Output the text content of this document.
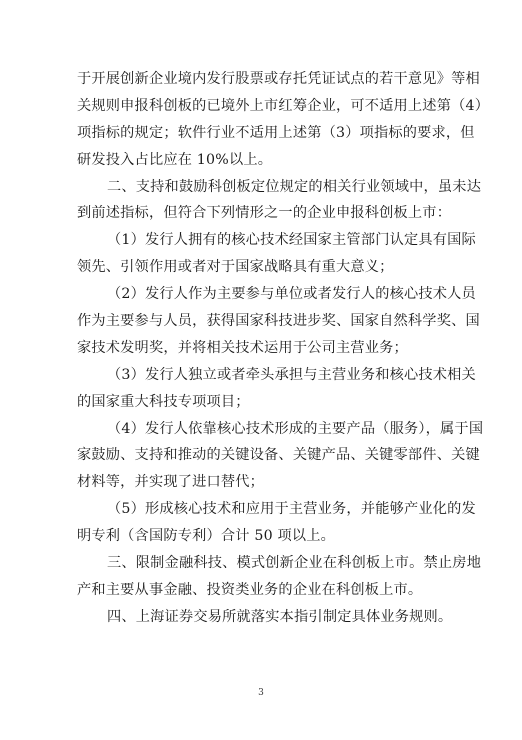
于开展创新企业境内发行股票或存托凭证试点的若干意见》等相
关规则申报科创板的已境外上市红筹企业，可不适用上述第（4）
项指标的规定；软件行业不适用上述第（3）项指标的要求，但
研发投入占比应在 10%以上。
二、支持和鼓励科创板定位规定的相关行业领域中，虽未达
到前述指标，但符合下列情形之一的企业申报科创板上市：
（1）发行人拥有的核心技术经国家主管部门认定具有国际
领先、引领作用或者对于国家战略具有重大意义；
（2）发行人作为主要参与单位或者发行人的核心技术人员
作为主要参与人员，获得国家科技进步奖、国家自然科学奖、国
家技术发明奖，并将相关技术运用于公司主营业务；
（3）发行人独立或者牵头承担与主营业务和核心技术相关
的国家重大科技专项项目；
（4）发行人依靠核心技术形成的主要产品（服务），属于国
家鼓励、支持和推动的关键设备、关键产品、关键零部件、关键
材料等，并实现了进口替代；
（5）形成核心技术和应用于主营业务，并能够产业化的发
明专利（含国防专利）合计 50 项以上。
三、限制金融科技、模式创新企业在科创板上市。禁止房地
产和主要从事金融、投资类业务的企业在科创板上市。
四、上海证券交易所就落实本指引制定具体业务规则。
3
